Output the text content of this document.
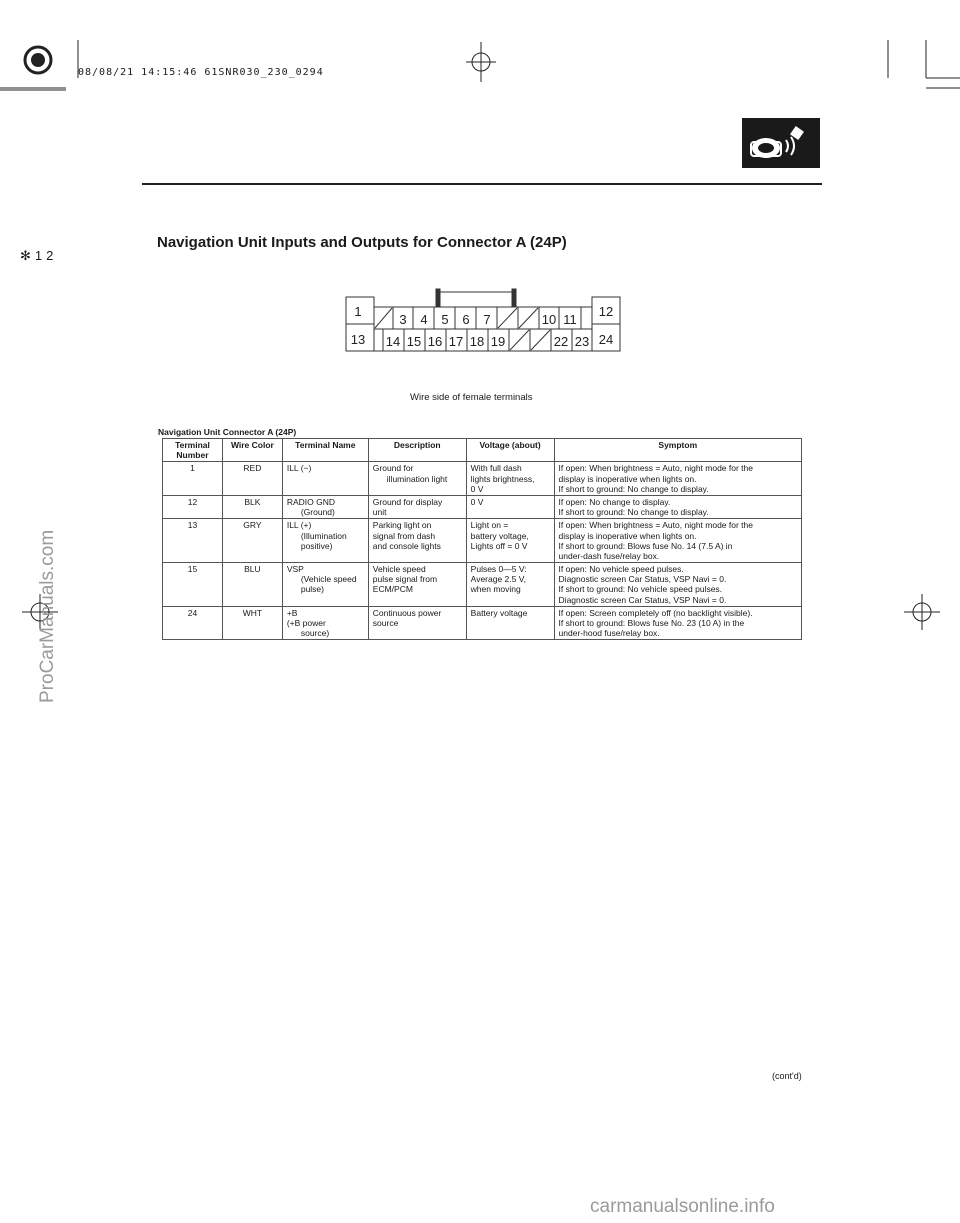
08/08/21 14:15:46 61SNR030_230_0294
✻12
Navigation Unit Inputs and Outputs for Connector A (24P)
1
3 4 5 6 7	10 11
12
13 14 15 16 17 18 19	22 23 24
Wire side of female terminals
Navigation Unit Connector A (24P)
Terminal Number	Wire Color	Terminal Name	Description	Voltage (about)	Symptom
1	RED	ILL (−)	Ground for
illumination light	With full dash
lights brightness,
0 V	If open: When brightness = Auto, night mode for the
display is inoperative when lights on.
If short to ground: No change to display.

12	BLK	RADIO GND
(Ground)	Ground for display
unit	0 V	If open: No change to display.
If short to ground: No change to display.

13	GRY	ILL (+)
(Illumination
positive)	Parking light on
signal from dash
and console lights	Light on =
battery voltage,
Lights off = 0 V	If open: When brightness = Auto, night mode for the
display is inoperative when lights on.
If short to ground: Blows fuse No. 14 (7.5 A) in
under-dash fuse/relay box.

15	BLU	VSP
(Vehicle speed
pulse)	Vehicle speed
pulse signal from
ECM/PCM	Pulses 0—5 V:
Average 2.5 V,
when moving	If open: No vehicle speed pulses.
Diagnostic screen Car Status, VSP Navi = 0.
If short to ground: No vehicle speed pulses.
Diagnostic screen Car Status, VSP Navi = 0.

24	WHT	+B
(+B power
source)	Continuous power
source	Battery voltage	If open: Screen completely off (no backlight visible).
If short to ground: Blows fuse No. 23 (10 A) in the
under-hood fuse/relay box.
(cont'd)
ProCarManuals.com
carmanualsonline.info
